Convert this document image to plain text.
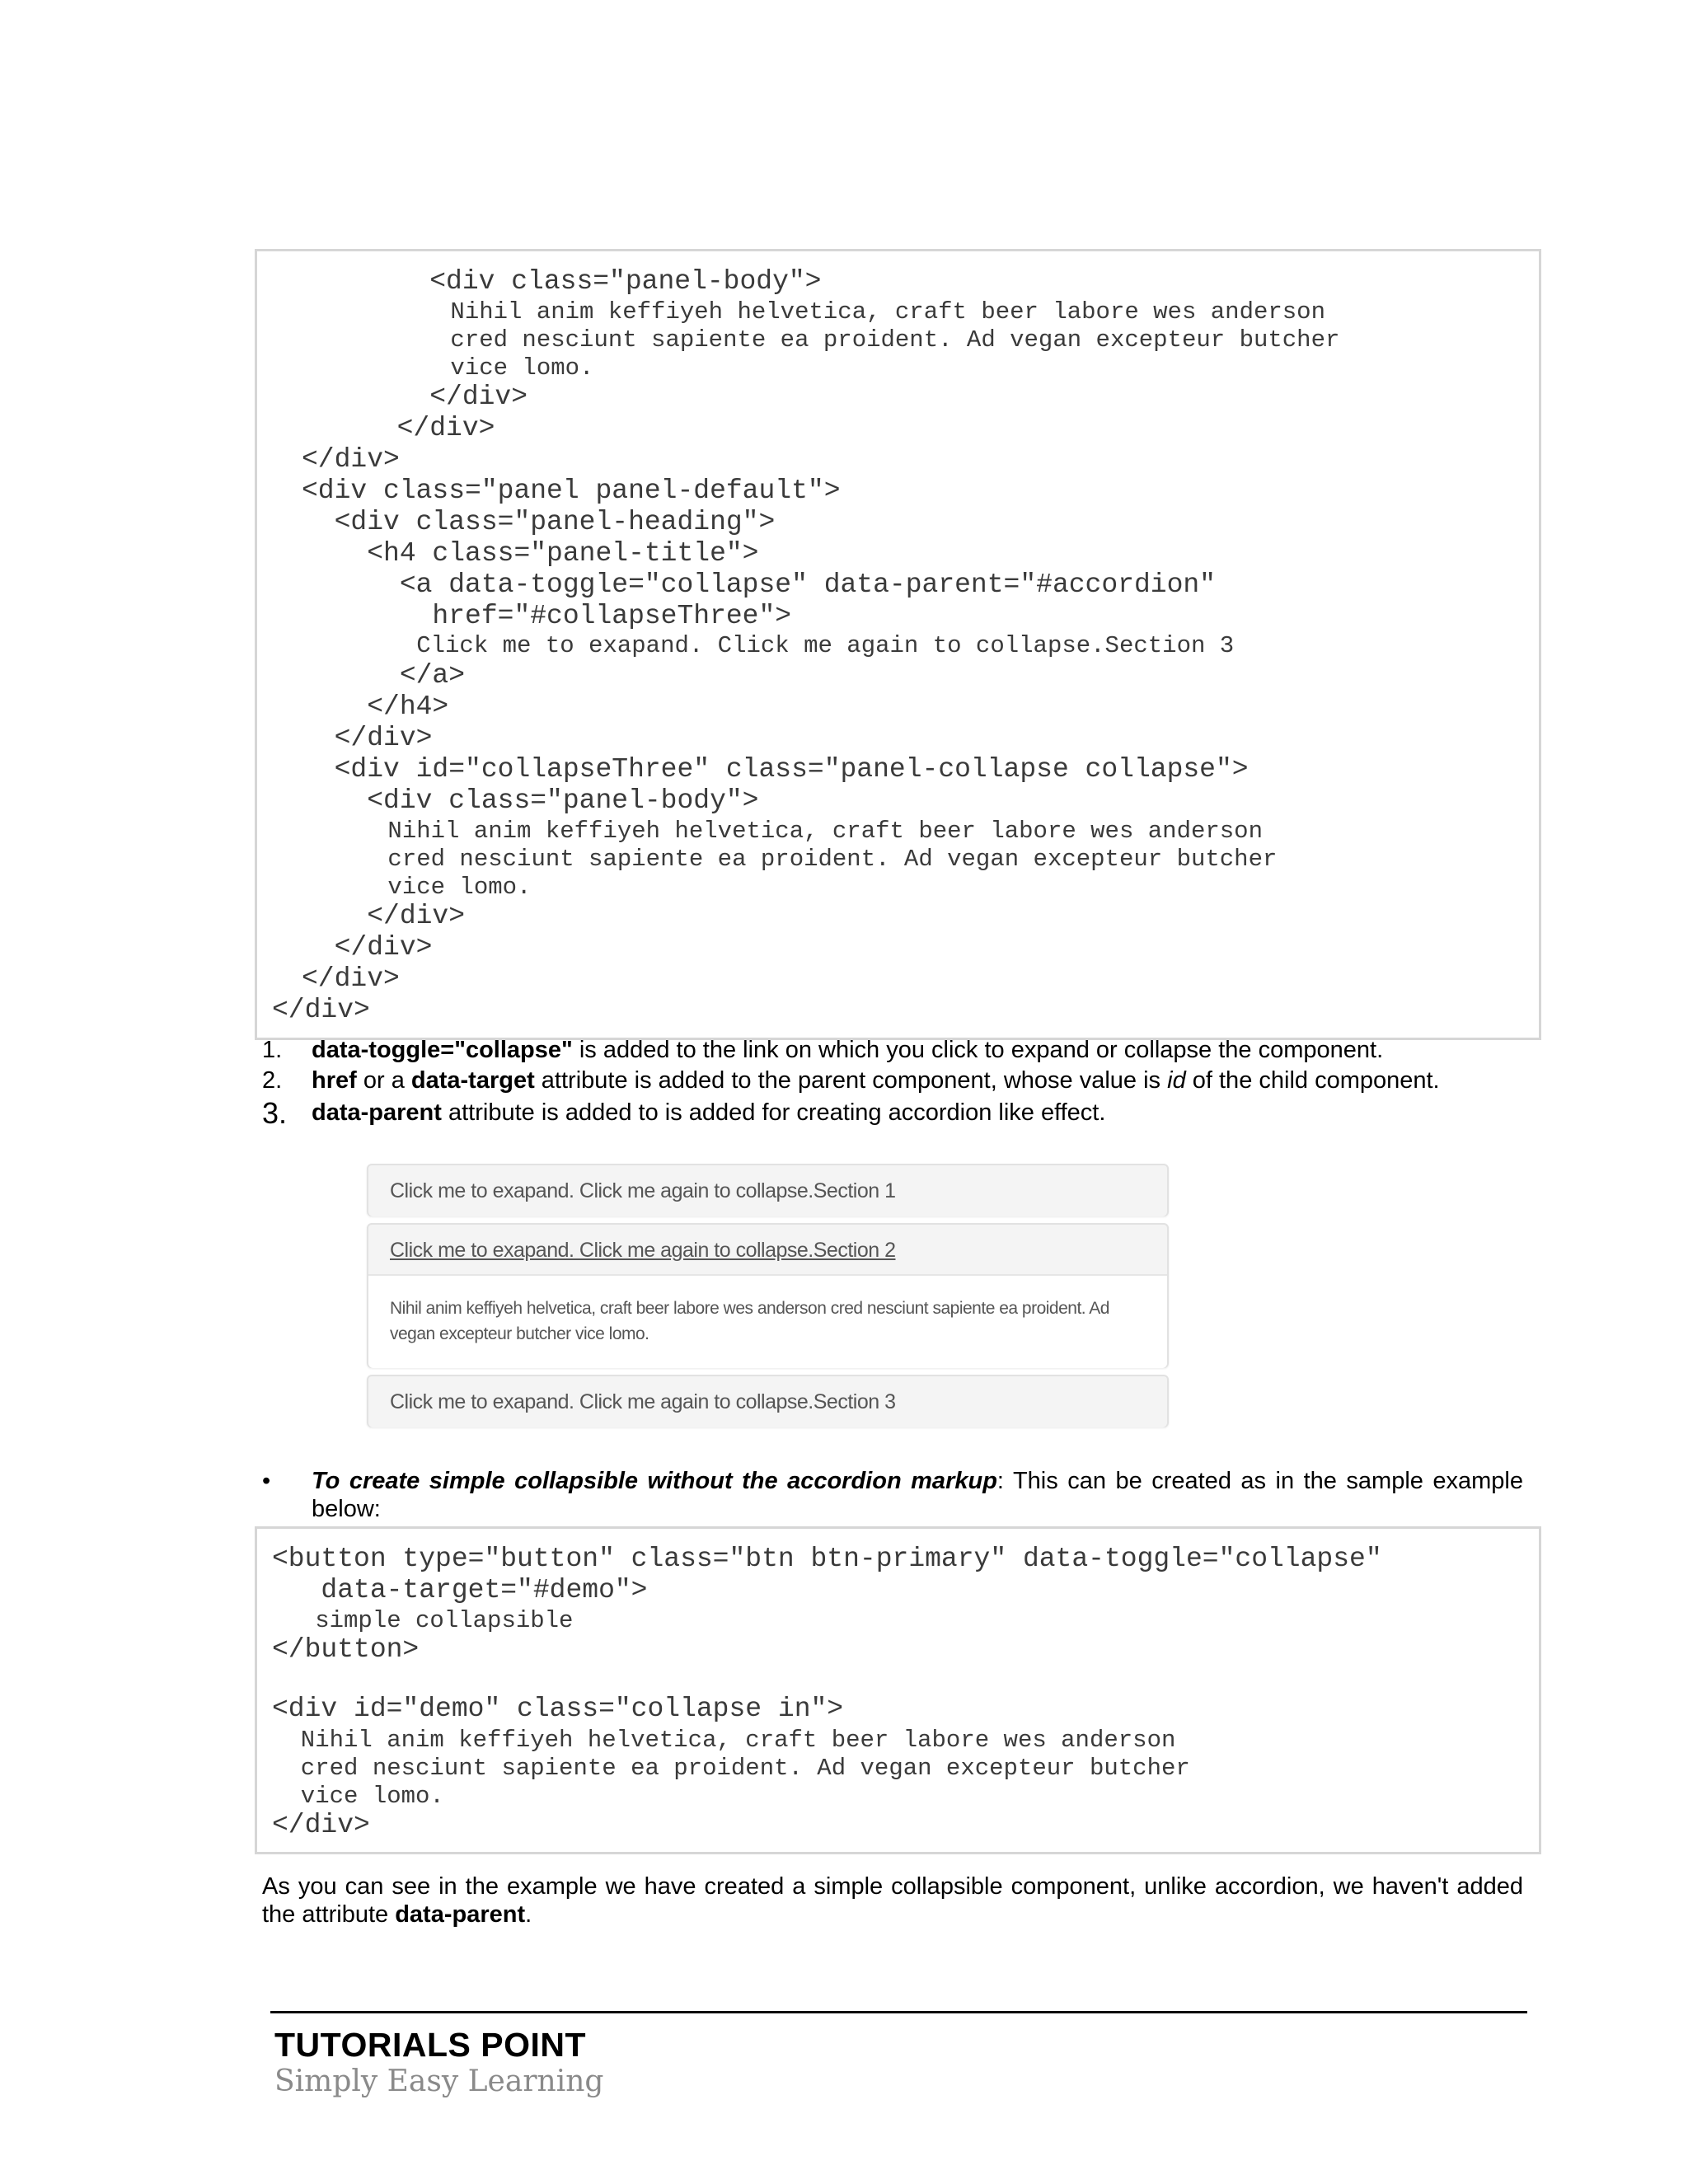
<div class="panel-body">
Nihil anim keffiyeh helvetica, craft beer labore wes anderson
cred nesciunt sapiente ea proident. Ad vegan excepteur butcher
vice lomo.
</div>
</div>
</div>
<div class="panel panel-default">
<div class="panel-heading">
<h4 class="panel-title">
<a data-toggle="collapse" data-parent="#accordion"
href="#collapseThree">
Click me to exapand. Click me again to collapse.Section 3
</a>
</h4>
</div>
<div id="collapseThree" class="panel-collapse collapse">
<div class="panel-body">
Nihil anim keffiyeh helvetica, craft beer labore wes anderson
cred nesciunt sapiente ea proident. Ad vegan excepteur butcher
vice lomo.
</div>
</div>
</div>
</div>
1. data-toggle="collapse" is added to the link on which you click to expand or collapse the component.
2. href or a data-target attribute is added to the parent component, whose value is id of the child component.
3. data-parent attribute is added to is added for creating accordion like effect.
Click me to exapand. Click me again to collapse.Section 1
Click me to exapand. Click me again to collapse.Section 2
Nihil anim keffiyeh helvetica, craft beer labore wes anderson cred nesciunt sapiente ea proident. Ad vegan excepteur butcher vice lomo.
Click me to exapand. Click me again to collapse.Section 3
• To create simple collapsible without the accordion markup: This can be created as in the sample example below:
<button type="button" class="btn btn-primary" data-toggle="collapse"
data-target="#demo">
simple collapsible
</button>
<div id="demo" class="collapse in">
Nihil anim keffiyeh helvetica, craft beer labore wes anderson
cred nesciunt sapiente ea proident. Ad vegan excepteur butcher
vice lomo.
</div>
As you can see in the example we have created a simple collapsible component, unlike accordion, we haven't added the attribute data-parent.
TUTORIALS POINT
Simply Easy Learning
